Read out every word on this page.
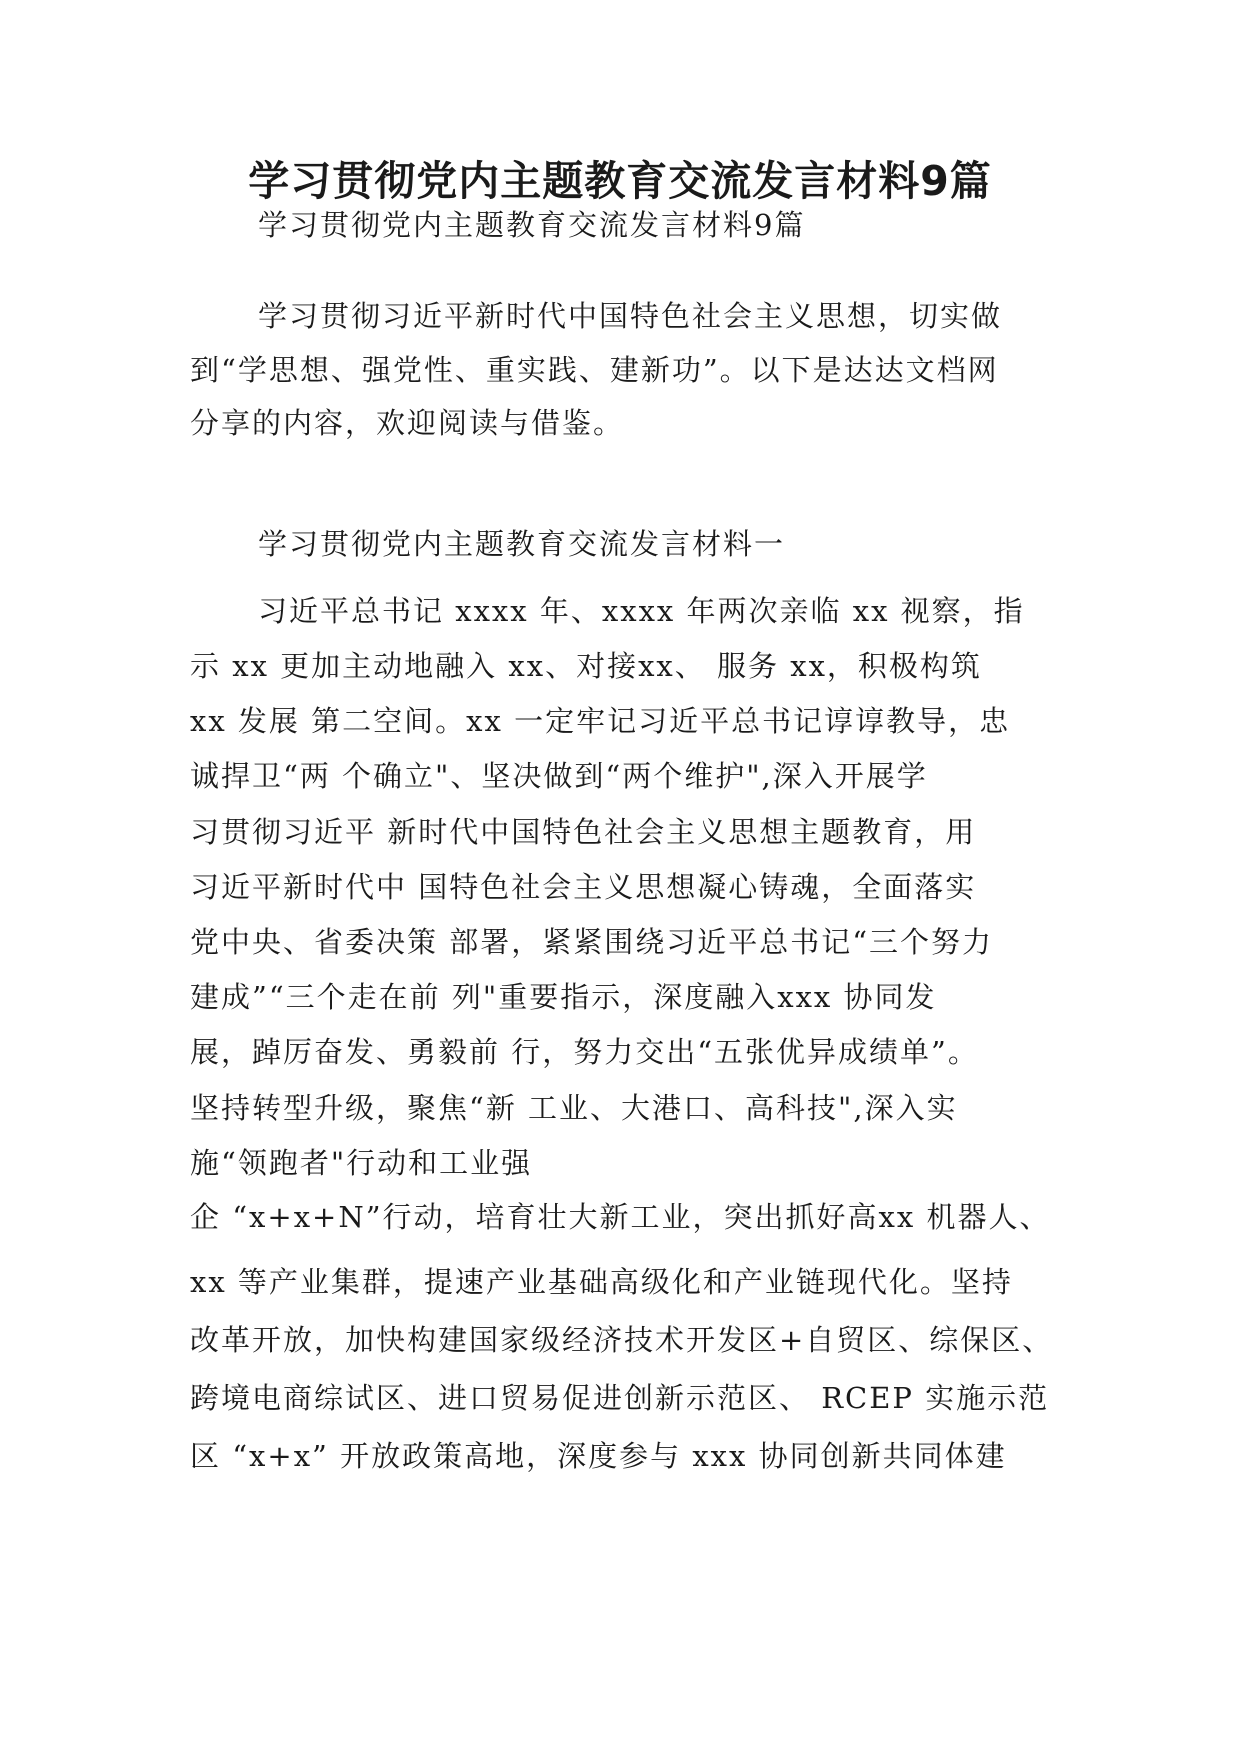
学习贯彻党内主题教育交流发言材料9篇

学习贯彻党内主题教育交流发言材料9篇

学习贯彻习近平新时代中国特色社会主义思想，切实做

到“学思想、强党性、重实践、建新功”。以下是达达文档网

分享的内容，欢迎阅读与借鉴。

学习贯彻党内主题教育交流发言材料一

习近平总书记 xxxx 年、xxxx 年两次亲临 xx 视察，指

示 xx 更加主动地融入 xx、对接xx、 服务 xx，积极构筑

xx 发展 第二空间。xx 一定牢记习近平总书记谆谆教导，忠

诚捍卫“两 个确立"、坚决做到“两个维护",深入开展学

习贯彻习近平 新时代中国特色社会主义思想主题教育，用

习近平新时代中 国特色社会主义思想凝心铸魂，全面落实

党中央、省委决策 部署，紧紧围绕习近平总书记“三个努力

建成”“三个走在前 列"重要指示，深度融入xxx 协同发

展，踔厉奋发、勇毅前 行，努力交出“五张优异成绩单”。

坚持转型升级，聚焦“新 工业、大港口、高科技",深入实

施“领跑者"行动和工业强

企 “x+x+N”行动，培育壮大新工业，突出抓好高xx 机器人、

xx 等产业集群，提速产业基础高级化和产业链现代化。坚持

改革开放，加快构建国家级经济技术开发区+自贸区、综保区、

跨境电商综试区、进口贸易促进创新示范区、 RCEP 实施示范

区 “x+x” 开放政策高地，深度参与 xxx 协同创新共同体建
